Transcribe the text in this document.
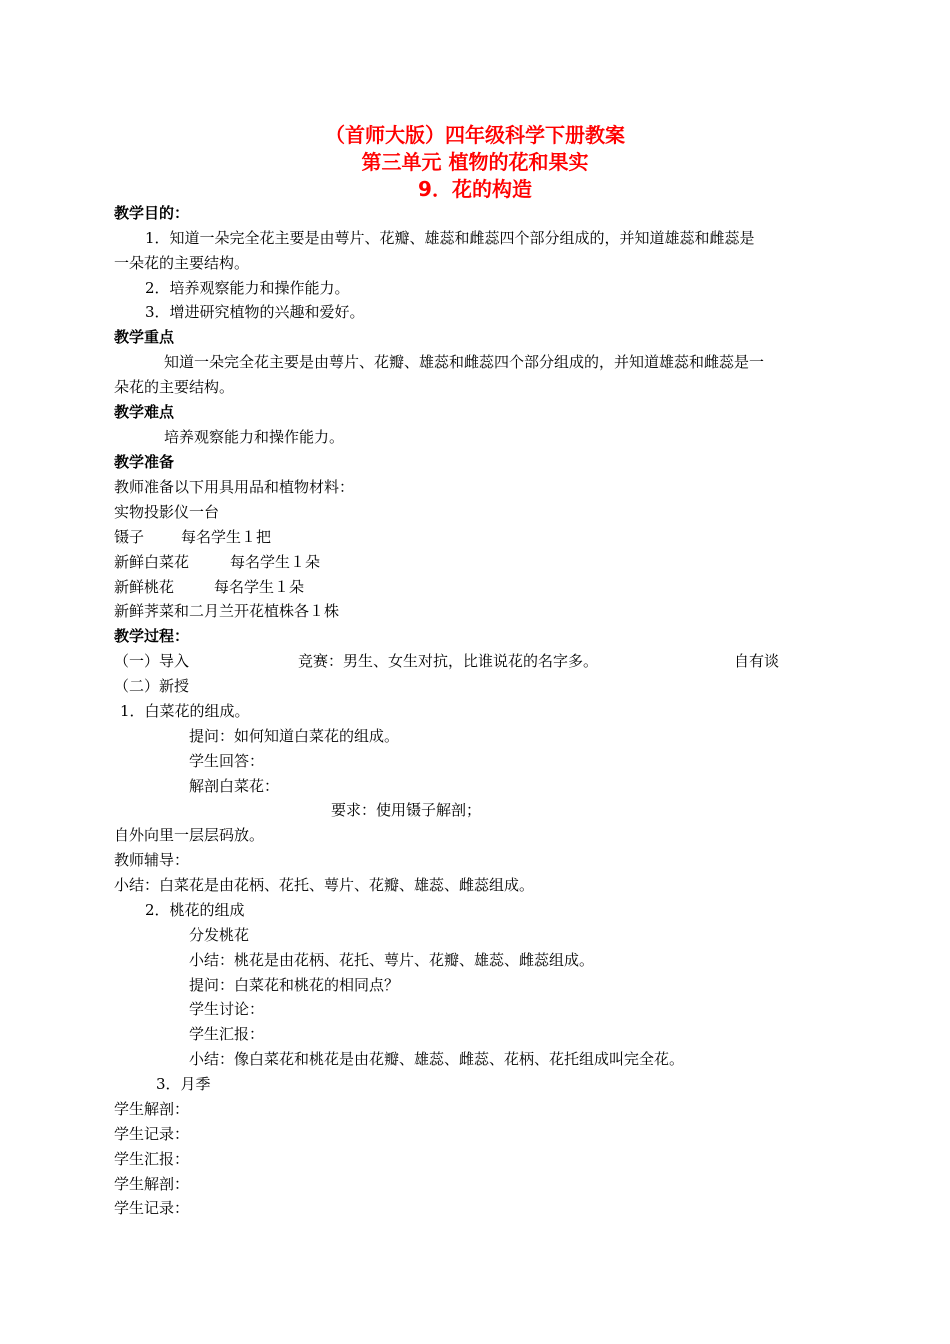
（首师大版）四年级科学下册教案
第三单元 植物的花和果实
9．花的构造
教学目的：
1．知道一朵完全花主要是由萼片、花瓣、雄蕊和雌蕊四个部分组成的，并知道雄蕊和雌蕊是
一朵花的主要结构。
2．培养观察能力和操作能力。
3．增进研究植物的兴趣和爱好。
教学重点
知道一朵完全花主要是由萼片、花瓣、雄蕊和雌蕊四个部分组成的，并知道雄蕊和雌蕊是一
朵花的主要结构。
教学难点
培养观察能力和操作能力。
教学准备
教师准备以下用具用品和植物材料：
实物投影仪一台
镊子 每名学生１把
新鲜白菜花	每名学生１朵
新鲜桃花	每名学生１朵
新鲜荠菜和二月兰开花植株各１株
教学过程：
（一）导入	竞赛：男生、女生对抗，比谁说花的名字多。	自有谈
（二）新授
1．白菜花的组成。
提问：如何知道白菜花的组成。
学生回答：
解剖白菜花：
要求：使用镊子解剖；
自外向里一层层码放。
教师辅导：
小结：白菜花是由花柄、花托、萼片、花瓣、雄蕊、雌蕊组成。
2．桃花的组成
分发桃花
小结：桃花是由花柄、花托、萼片、花瓣、雄蕊、雌蕊组成。
提问：白菜花和桃花的相同点？
学生讨论：
学生汇报：
小结：像白菜花和桃花是由花瓣、雄蕊、雌蕊、花柄、花托组成叫完全花。
3．月季
学生解剖：
学生记录：
学生汇报：
学生解剖：
学生记录：
